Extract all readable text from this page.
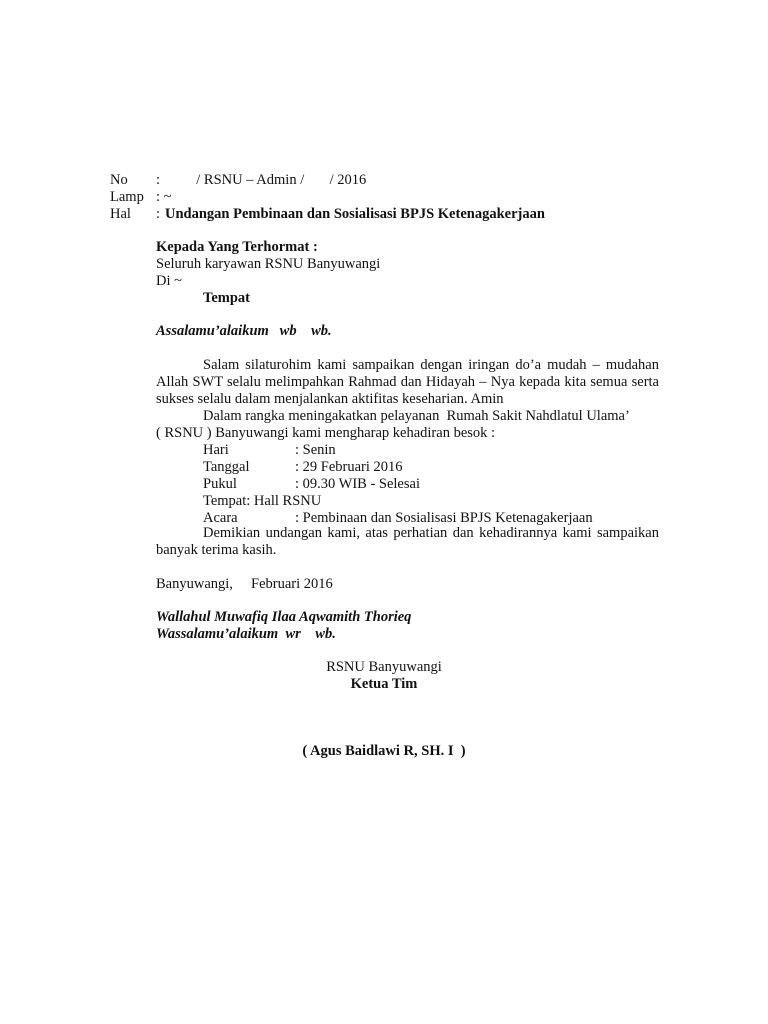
No :          / RSNU – Admin /       / 2016
Lamp : ~
Hal : Undangan Pembinaan dan Sosialisasi BPJS Ketenagakerjaan
Kepada Yang Terhormat :
Seluruh karyawan RSNU Banyuwangi
Di ~
Tempat
Assalamu’alaikum   wb    wb.
Salam silaturohim kami sampaikan dengan iringan do’a mudah – mudahan Allah SWT selalu melimpahkan Rahmad dan Hidayah – Nya kepada kita semua serta sukses selalu dalam menjalankan aktifitas keseharian. Amin
Dalam rangka meningakatkan pelayanan  Rumah Sakit Nahdlatul Ulama’
( RSNU ) Banyuwangi kami mengharap kehadiran besok :
Hari	: Senin
Tanggal	: 29 Februari 2016
Pukul	: 09.30 WIB - Selesai
Tempat: Hall RSNU
Acara	: Pembinaan dan Sosialisasi BPJS Ketenagakerjaan
Demikian undangan kami, atas perhatian dan kehadirannya kami sampaikan banyak terima kasih.
Banyuwangi,     Februari 2016
Wallahul Muwafiq Ilaa Aqwamith Thorieq
Wassalamu’alaikum  wr    wb.
RSNU Banyuwangi
Ketua Tim
( Agus Baidlawi R, SH. I  )
